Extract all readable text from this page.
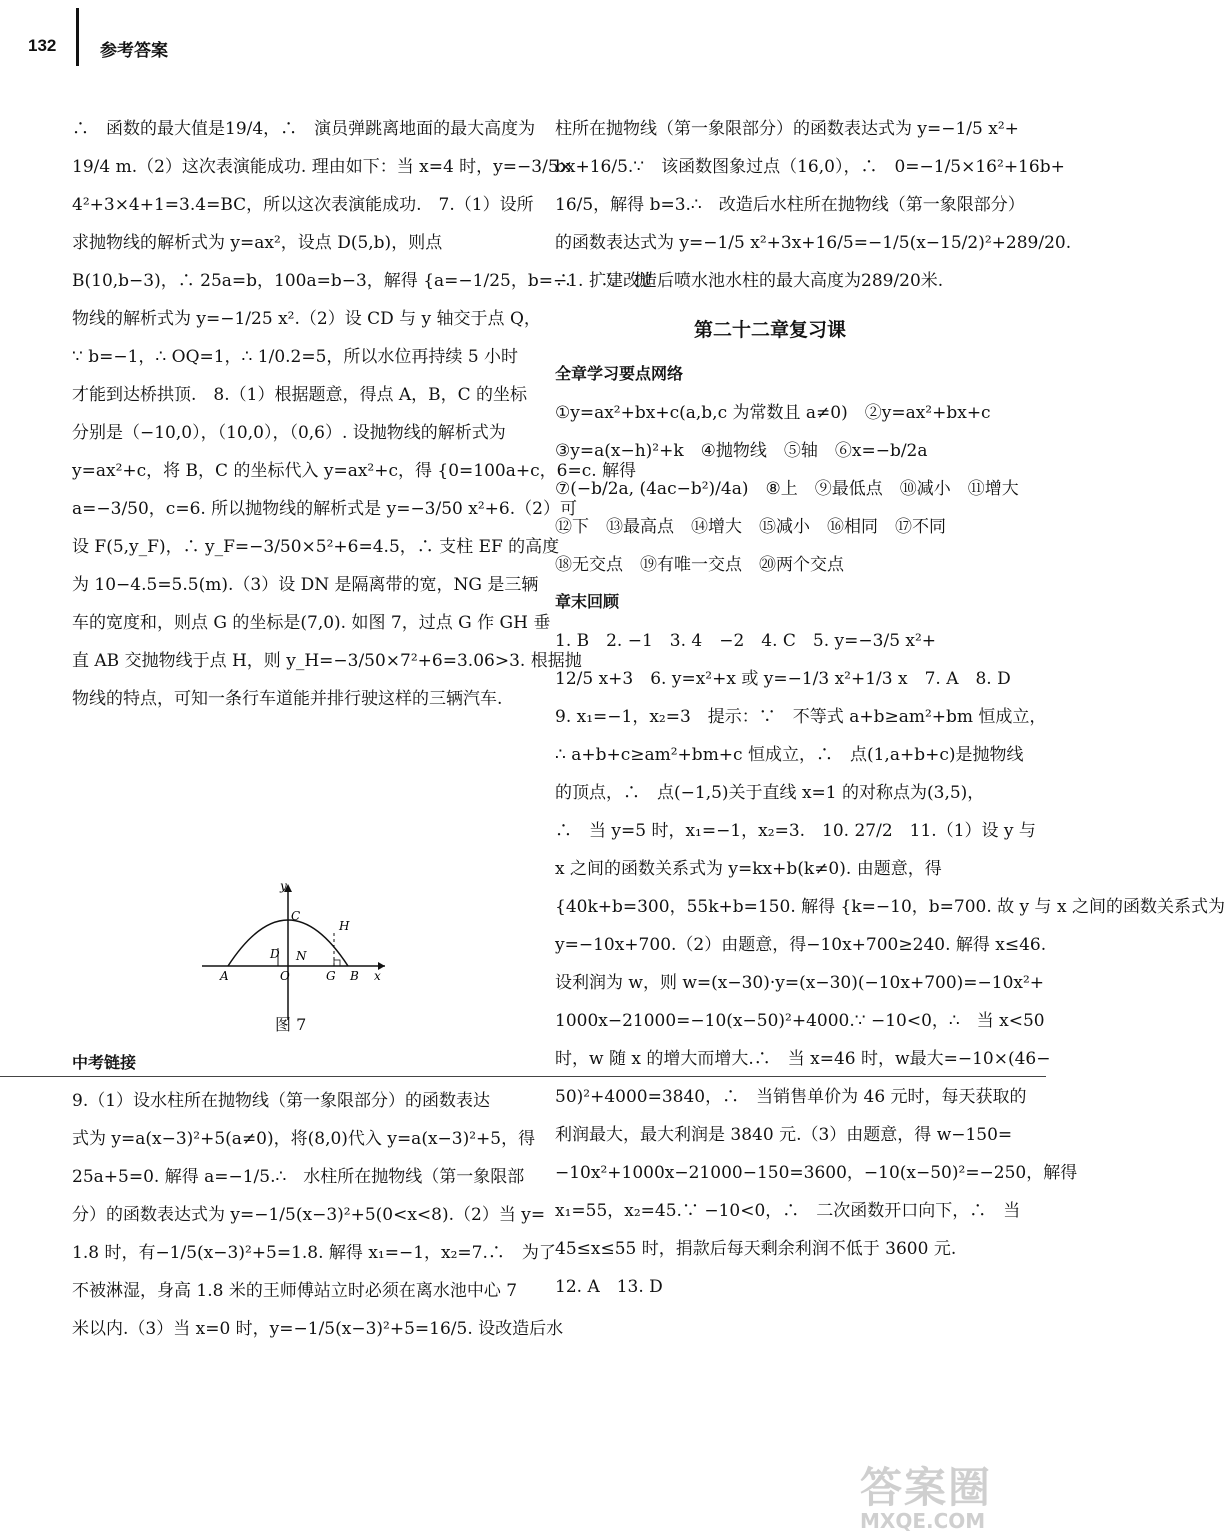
132	参考答案
∴　函数的最大值是19/4，∴　演员弹跳离地面的最大高度为
19/4 m.（2）这次表演能成功. 理由如下：当 x=4 时，y=−3/5×
4²+3×4+1=3.4=BC，所以这次表演能成功.　7.（1）设所
求抛物线的解析式为 y=ax²，设点 D(5,b)，则点
B(10,b−3)，∴ 25a=b，100a=b−3，解得 {a=−1/25，b=−1.　∴　抛
物线的解析式为 y=−1/25 x².（2）设 CD 与 y 轴交于点 Q，
∵ b=−1，∴ OQ=1，∴ 1/0.2=5，所以水位再持续 5 小时
才能到达桥拱顶.　8.（1）根据题意，得点 A，B，C 的坐标
分别是（−10,0），（10,0），（0,6）. 设抛物线的解析式为
y=ax²+c，将 B，C 的坐标代入 y=ax²+c，得 {0=100a+c，6=c. 解得
a=−3/50，c=6. 所以抛物线的解析式是 y=−3/50 x²+6.（2）可
设 F(5,y_F)，∴ y_F=−3/50×5²+6=4.5，∴ 支柱 EF 的高度
为 10−4.5=5.5(m).（3）设 DN 是隔离带的宽，NG 是三辆
车的宽度和，则点 G 的坐标是(7,0). 如图 7，过点 G 作 GH 垂
直 AB 交抛物线于点 H，则 y_H=−3/50×7²+6=3.06>3. 根据抛
物线的特点，可知一条行车道能并排行驶这样的三辆汽车.
y
C
H
D N
A	O	G B x
图 7
中考链接
9.（1）设水柱所在抛物线（第一象限部分）的函数表达
式为 y=a(x−3)²+5(a≠0)，将(8,0)代入 y=a(x−3)²+5，得
25a+5=0. 解得 a=−1/5.∴　水柱所在抛物线（第一象限部
分）的函数表达式为 y=−1/5(x−3)²+5(0<x<8).（2）当 y=
1.8 时，有−1/5(x−3)²+5=1.8. 解得 x₁=−1，x₂=7.∴　为了
不被淋湿，身高 1.8 米的王师傅站立时必须在离水池中心 7
米以内.（3）当 x=0 时，y=−1/5(x−3)²+5=16/5. 设改造后水
柱所在抛物线（第一象限部分）的函数表达式为 y=−1/5 x²+
bx+16/5.∵　该函数图象过点（16,0），∴　0=−1/5×16²+16b+
16/5，解得 b=3.∴　改造后水柱所在抛物线（第一象限部分）
的函数表达式为 y=−1/5 x²+3x+16/5=−1/5(x−15/2)²+289/20.
∴　扩建改造后喷水池水柱的最大高度为289/20米.
第二十二章复习课
全章学习要点网络
①y=ax²+bx+c(a,b,c 为常数且 a≠0)　②y=ax²+bx+c
③y=a(x−h)²+k　④抛物线　⑤轴　⑥x=−b/2a
⑦(−b/2a, (4ac−b²)/4a)　⑧上　⑨最低点　⑩减小　⑪增大
⑫下　⑬最高点　⑭增大　⑮减小　⑯相同　⑰不同
⑱无交点　⑲有唯一交点　⑳两个交点
章末回顾
1. B　2. −1　3. 4　−2　4. C　5. y=−3/5 x²+
12/5 x+3　6. y=x²+x 或 y=−1/3 x²+1/3 x　7. A　8. D
9. x₁=−1，x₂=3　提示：∵　不等式 a+b≥am²+bm 恒成立，
∴ a+b+c≥am²+bm+c 恒成立，∴　点(1,a+b+c)是抛物线
的顶点，∴　点(−1,5)关于直线 x=1 的对称点为(3,5)，
∴　当 y=5 时，x₁=−1，x₂=3.　10. 27/2　11.（1）设 y 与
x 之间的函数关系式为 y=kx+b(k≠0). 由题意，得
{40k+b=300，55k+b=150. 解得 {k=−10，b=700. 故 y 与 x 之间的函数关系式为
y=−10x+700.（2）由题意，得−10x+700≥240. 解得 x≤46.
设利润为 w，则 w=(x−30)·y=(x−30)(−10x+700)=−10x²+
1000x−21000=−10(x−50)²+4000.∵ −10<0，∴　当 x<50
时，w 随 x 的增大而增大.∴　当 x=46 时，w最大=−10×(46−
50)²+4000=3840，∴　当销售单价为 46 元时，每天获取的
利润最大，最大利润是 3840 元.（3）由题意，得 w−150=
−10x²+1000x−21000−150=3600，−10(x−50)²=−250，解得
x₁=55，x₂=45.∵ −10<0，∴　二次函数开口向下，∴　当
45≤x≤55 时，捐款后每天剩余利润不低于 3600 元.
12. A　13. D
答案圈
MXQE.COM
